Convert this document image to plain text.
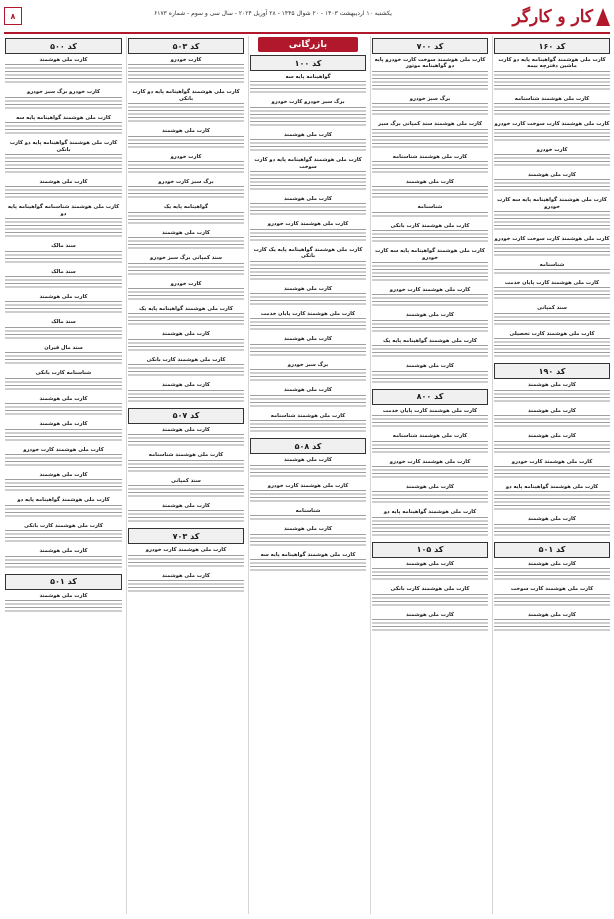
کار و کارگر
یکشنبه ۱۰ اردیبهشت ۱۴۰۳ - ۲۰ شوال ۱۴۴۵ - ۲۸ آوریل ۲۰۲۴ - سال سی و سوم - شماره ۶۱۷۳
۸
کد ۱۶۰
کارت ملی هوشمند گواهینامه پایه دو کارت ماشین دفترچه بیمه
کارت ملی هوشمند شناسنامه
کارت ملی هوشمند کارت سوخت کارت خودرو
کارت خودرو
کارت ملی هوشمند
کارت ملی هوشمند گواهینامه پایه سه کارت خودرو
کارت ملی هوشمند کارت سوخت کارت خودرو
شناسنامه
کارت ملی هوشمند کارت پایان خدمت
سند کمپانی
کارت ملی هوشمند کارت تحصیلی
کد ۱۹۰
کارت ملی هوشمند
کارت ملی هوشمند
کارت ملی هوشمند
کارت ملی هوشمند کارت خودرو
کارت ملی هوشمند گواهینامه پایه دو
کارت ملی هوشمند
کد ۵۰۱
کارت ملی هوشمند
کارت ملی هوشمند کارت سوخت
کارت ملی هوشمند
کد ۷۰۰
کارت ملی هوشمند سوخت کارت خودرو پایه دو گواهینامه موتور
برگ سبز خودرو
کارت ملی هوشمند سند کمپانی برگ سبز
کارت ملی هوشمند شناسنامه
کارت ملی هوشمند
شناسنامه
کارت ملی هوشمند کارت بانکی
کارت ملی هوشمند گواهینامه پایه سه کارت خودرو
کارت ملی هوشمند کارت خودرو
کارت ملی هوشمند
کارت ملی هوشمند گواهینامه پایه یک
کارت ملی هوشمند
کد ۸۰۰
کارت ملی هوشمند کارت پایان خدمت
کارت ملی هوشمند شناسنامه
کارت ملی هوشمند کارت خودرو
کارت ملی هوشمند
کارت ملی هوشمند گواهینامه پایه دو
کد ۱۰۵
کارت ملی هوشمند
کارت ملی هوشمند کارت بانکی
کارت ملی هوشمند
بازرگانی
کد ۱۰۰
گواهینامه پایه سه
برگ سبز خودرو کارت خودرو
کارت ملی هوشمند
کارت ملی هوشمند گواهینامه پایه دو کارت سوخت
کارت ملی هوشمند
کارت ملی هوشمند کارت خودرو
کارت ملی هوشمند گواهینامه پایه یک کارت بانکی
کارت ملی هوشمند
کارت ملی هوشمند کارت پایان خدمت
کارت ملی هوشمند
برگ سبز خودرو
کارت ملی هوشمند
کارت ملی هوشمند شناسنامه
کد ۵۰۸
کارت ملی هوشمند
کارت ملی هوشمند کارت خودرو
شناسنامه
کارت ملی هوشمند
کارت ملی هوشمند گواهینامه پایه سه
کد ۵۰۳
کارت خودرو
کارت ملی هوشمند گواهینامه پایه دو کارت بانکی
کارت ملی هوشمند
کارت خودرو
برگ سبز کارت خودرو
گواهینامه پایه یک
کارت ملی هوشمند
سند کمپانی برگ سبز خودرو
کارت خودرو
کارت ملی هوشمند گواهینامه پایه یک
کارت ملی هوشمند
کارت ملی هوشمند کارت بانکی
کارت ملی هوشمند
کد ۵۰۷
کارت ملی هوشمند
کارت ملی هوشمند شناسنامه
سند کمپانی
کارت ملی هوشمند
کد ۷۰۳
کارت ملی هوشمند کارت خودرو
کارت ملی هوشمند
کد ۵۰۰
کارت ملی هوشمند
کارت خودرو برگ سبز خودرو
کارت ملی هوشمند گواهینامه پایه سه
کارت ملی هوشمند گواهینامه پایه دو کارت بانکی
کارت ملی هوشمند
کارت ملی هوشمند شناسنامه گواهینامه پایه دو
سند مالک
سند مالک
کارت ملی هوشمند
سند مالک
سند مال قیران
شناسنامه کارت بانکی
کارت ملی هوشمند
کارت ملی هوشمند
کارت ملی هوشمند کارت خودرو
کارت ملی هوشمند
کارت ملی هوشمند گواهینامه پایه دو
کارت ملی هوشمند کارت بانکی
کارت ملی هوشمند
کد ۵۰۱
کارت ملی هوشمند
